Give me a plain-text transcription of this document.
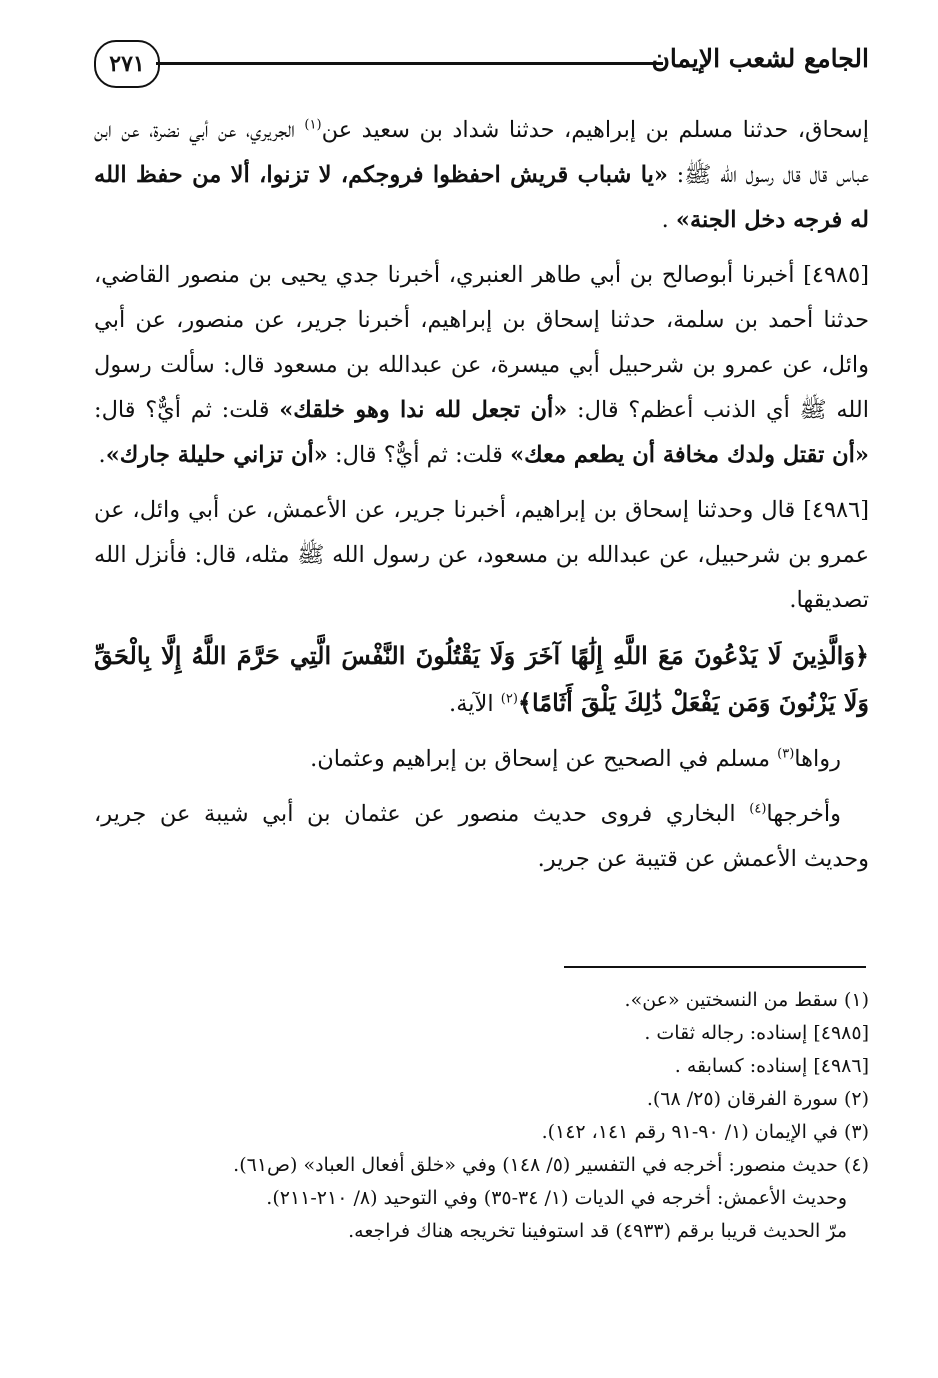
٢٧١	الجامع لشعب الإيمان

إسحاق، حدثنا مسلم بن إبراهيم، حدثنا شداد بن سعيد عن$^{(١)}$ الجريري، عن أبي نضرة، عن ابن عباس قال قال رسول الله ﷺ: «يا شباب قريش احفظوا فروجكم، لا تزنوا، ألا من حفظ الله له فرجه دخل الجنة» .

[٤٩٨٥] أخبرنا أبوصالح بن أبي طاهر العنبري، أخبرنا جدي يحيى بن منصور القاضي، حدثنا أحمد بن سلمة، حدثنا إسحاق بن إبراهيم، أخبرنا جرير، عن منصور، عن أبي وائل، عن عمرو بن شرحبيل أبي ميسرة، عن عبدالله بن مسعود قال: سألت رسول الله ﷺ أي الذنب أعظم؟ قال: «أن تجعل لله ندا وهو خلقك» قلت: ثم أيٌّ؟ قال: «أن تقتل ولدك مخافة أن يطعم معك» قلت: ثم أيٌّ؟ قال: «أن تزاني حليلة جارك».

[٤٩٨٦] قال وحدثنا إسحاق بن إبراهيم، أخبرنا جرير، عن الأعمش، عن أبي وائل، عن عمرو بن شرحبيل، عن عبدالله بن مسعود، عن رسول الله ﷺ مثله، قال: فأنزل الله تصديقها.

﴿وَالَّذِينَ لَا يَدْعُونَ مَعَ اللَّهِ إِلَٰهًا آخَرَ وَلَا يَقْتُلُونَ النَّفْسَ الَّتِي حَرَّمَ اللَّهُ إِلَّا بِالْحَقِّ وَلَا يَزْنُونَ وَمَن يَفْعَلْ ذَٰلِكَ يَلْقَ أَثَامًا﴾$^{(٢)}$ الآية.

رواها$^{(٣)}$ مسلم في الصحيح عن إسحاق بن إبراهيم وعثمان.

وأخرجها$^{(٤)}$ البخاري فروى حديث منصور عن عثمان بن أبي شيبة عن جرير، وحديث الأعمش عن قتيبة عن جرير.

(١) سقط من النسختين «عن».
[٤٩٨٥] إسناده: رجاله ثقات .
[٤٩٨٦] إسناده: كسابقه .
(٢) سورة الفرقان (٢٥/ ٦٨).
(٣) في الإيمان (١/ ٩٠-٩١ رقم ١٤١، ١٤٢).
(٤) حديث منصور: أخرجه في التفسير (٥/ ١٤٨) وفي «خلق أفعال العباد» (ص٦١).
وحديث الأعمش: أخرجه في الديات (١/ ٣٤-٣٥) وفي التوحيد (٨/ ٢١٠-٢١١).
مرّ الحديث قريبا برقم (٤٩٣٣) قد استوفينا تخريجه هناك فراجعه.
